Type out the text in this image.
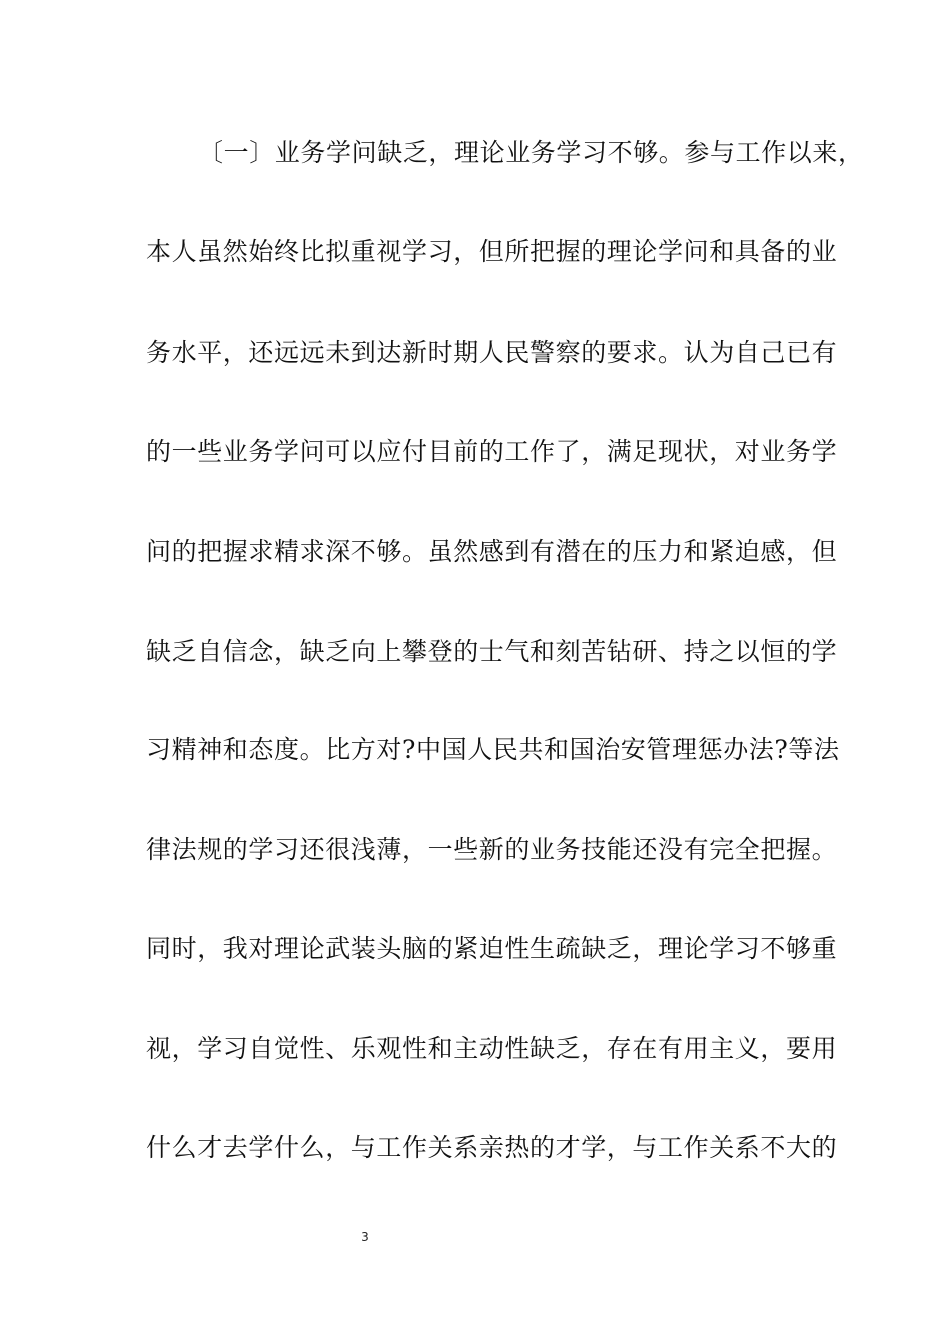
〔一〕业务学问缺乏，理论业务学习不够。参与工作以来，
本人虽然始终比拟重视学习，但所把握的理论学问和具备的业
务水平，还远远未到达新时期人民警察的要求。认为自己已有
的一些业务学问可以应付目前的工作了，满足现状，对业务学
问的把握求精求深不够。虽然感到有潜在的压力和紧迫感，但
缺乏自信念，缺乏向上攀登的士气和刻苦钻研、持之以恒的学
习精神和态度。比方对?中国人民共和国治安管理惩办法?等法
律法规的学习还很浅薄，一些新的业务技能还没有完全把握。
同时，我对理论武装头脑的紧迫性生疏缺乏，理论学习不够重
视，学习自觉性、乐观性和主动性缺乏，存在有用主义，要用
什么才去学什么，与工作关系亲热的才学，与工作关系不大的
3
